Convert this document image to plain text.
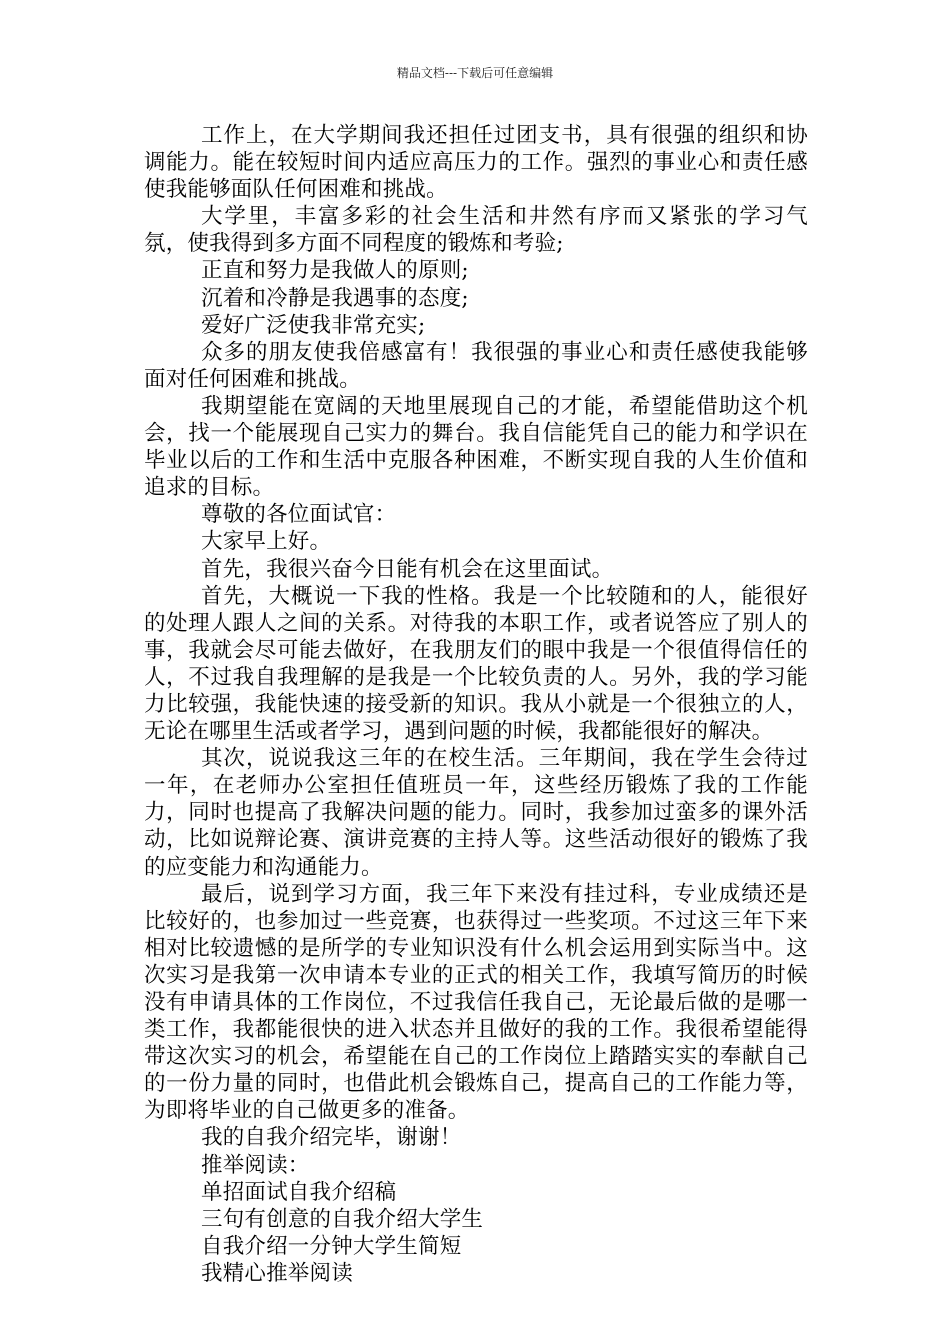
精品文档---下载后可任意编辑

工作上，在大学期间我还担任过团支书，具有很强的组织和协调能力。能在较短时间内适应高压力的工作。强烈的事业心和责任感使我能够面队任何困难和挑战。

大学里，丰富多彩的社会生活和井然有序而又紧张的学习气氛，使我得到多方面不同程度的锻炼和考验;

正直和努力是我做人的原则;

沉着和冷静是我遇事的态度;

爱好广泛使我非常充实;

众多的朋友使我倍感富有！我很强的事业心和责任感使我能够面对任何困难和挑战。

我期望能在宽阔的天地里展现自己的才能，希望能借助这个机会，找一个能展现自己实力的舞台。我自信能凭自己的能力和学识在毕业以后的工作和生活中克服各种困难，不断实现自我的人生价值和追求的目标。

尊敬的各位面试官：

大家早上好。

首先，我很兴奋今日能有机会在这里面试。

首先，大概说一下我的性格。我是一个比较随和的人，能很好的处理人跟人之间的关系。对待我的本职工作，或者说答应了别人的事，我就会尽可能去做好，在我朋友们的眼中我是一个很值得信任的人，不过我自我理解的是我是一个比较负责的人。另外，我的学习能力比较强，我能快速的接受新的知识。我从小就是一个很独立的人，无论在哪里生活或者学习，遇到问题的时候，我都能很好的解决。

其次，说说我这三年的在校生活。三年期间，我在学生会待过一年，在老师办公室担任值班员一年，这些经历锻炼了我的工作能力，同时也提高了我解决问题的能力。同时，我参加过蛮多的课外活动，比如说辩论赛、演讲竞赛的主持人等。这些活动很好的锻炼了我的应变能力和沟通能力。

最后，说到学习方面，我三年下来没有挂过科，专业成绩还是比较好的，也参加过一些竞赛，也获得过一些奖项。不过这三年下来相对比较遗憾的是所学的专业知识没有什么机会运用到实际当中。这次实习是我第一次申请本专业的正式的相关工作，我填写简历的时候没有申请具体的工作岗位，不过我信任我自己，无论最后做的是哪一类工作，我都能很快的进入状态并且做好的我的工作。我很希望能得带这次实习的机会，希望能在自己的工作岗位上踏踏实实的奉献自己的一份力量的同时，也借此机会锻炼自己，提高自己的工作能力等，为即将毕业的自己做更多的准备。

我的自我介绍完毕，谢谢！

推举阅读：

单招面试自我介绍稿

三句有创意的自我介绍大学生

自我介绍一分钟大学生简短

我精心推举阅读
